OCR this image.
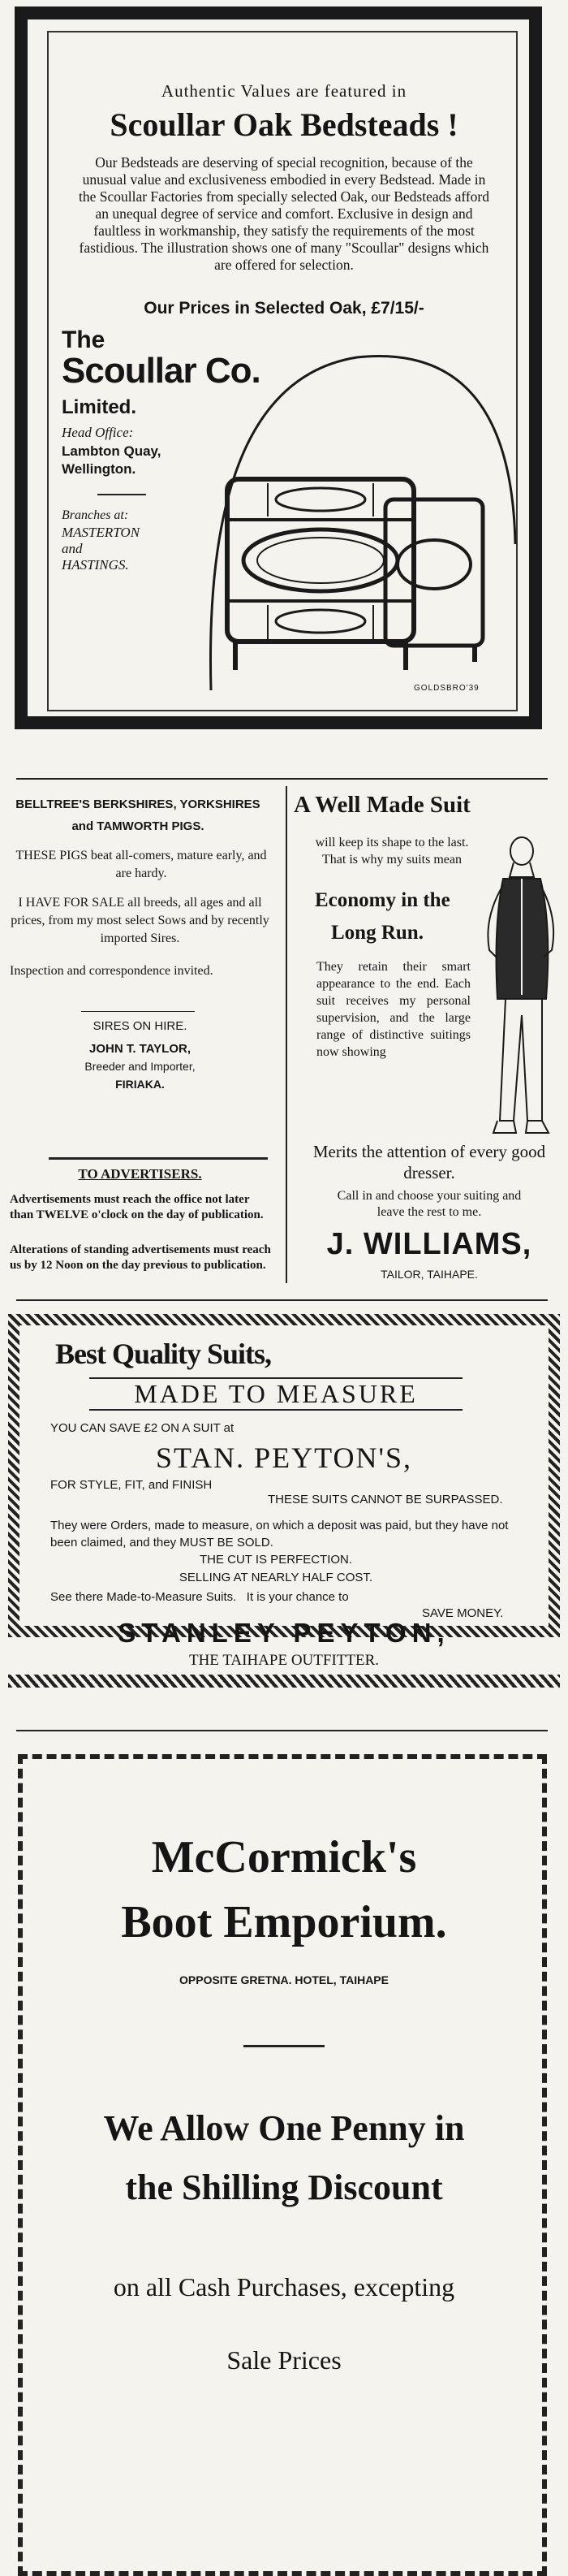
Authentic Values are featured in
Scoullar Oak Bedsteads !

Our Bedsteads are deserving of special recognition, because of the unusual value and exclusiveness embodied in every Bedstead. Made in the Scoullar Factories from specially selected Oak, our Bedsteads afford an unequal degree of service and comfort. Exclusive in design and faultless in workmanship, they satisfy the requirements of the most fastidious. The illustration shows one of many "Scoullar" designs which are offered for selection.

Our Prices in Selected Oak, £7/15/-
The
Scoullar Co.
Limited.
Head Office:
Lambton Quay, Wellington.
Branches at:
MASTERTON
and
HASTINGS.
GOLDSBRO'39
BELLTREE'S BERKSHIRES, YORKSHIRES and TAMWORTH PIGS.

THESE PIGS beat all-comers, mature early, and are hardy.

I HAVE FOR SALE all breeds, all ages and all prices, from my most select Sows and by recently imported Sires.

Inspection and correspondence invited.

SIRES ON HIRE.
JOHN T. TAYLOR,
Breeder and Importer,
FIRIAKA.
TO ADVERTISERS.

Advertisements must reach the office not later than TWELVE o'clock on the day of publication.

Alterations of standing advertisements must reach us by 12 Noon on the day previous to publication.

A Well Made Suit

will keep its shape to the last. That is why my suits mean

Economy in the
Long Run.

They retain their smart appearance to the end. Each suit receives my personal supervision, and the large range of distinctive suitings now showing

Merits the attention of every good dresser.

Call in and choose your suiting and leave the rest to me.

J. WILLIAMS,
TAILOR, TAIHAPE.
Best Quality Suits,
MADE TO MEASURE
YOU CAN SAVE £2 ON A SUIT at
STAN. PEYTON'S,
FOR STYLE, FIT, and FINISH
THESE SUITS CANNOT BE SURPASSED.

They were Orders, made to measure, on which a deposit was paid, but they have not been claimed, and they MUST BE SOLD.

THE CUT IS PERFECTION.
SELLING AT NEARLY HALF COST.
See there Made-to-Measure Suits.   It is your chance to
SAVE MONEY.
STANLEY PEYTON,
THE TAIHAPE OUTFITTER.
McCormick's
Boot Emporium.
OPPOSITE GRETNA. HOTEL, TAIHAPE
We Allow One Penny in
the Shilling Discount
on all Cash Purchases, excepting
Sale Prices
